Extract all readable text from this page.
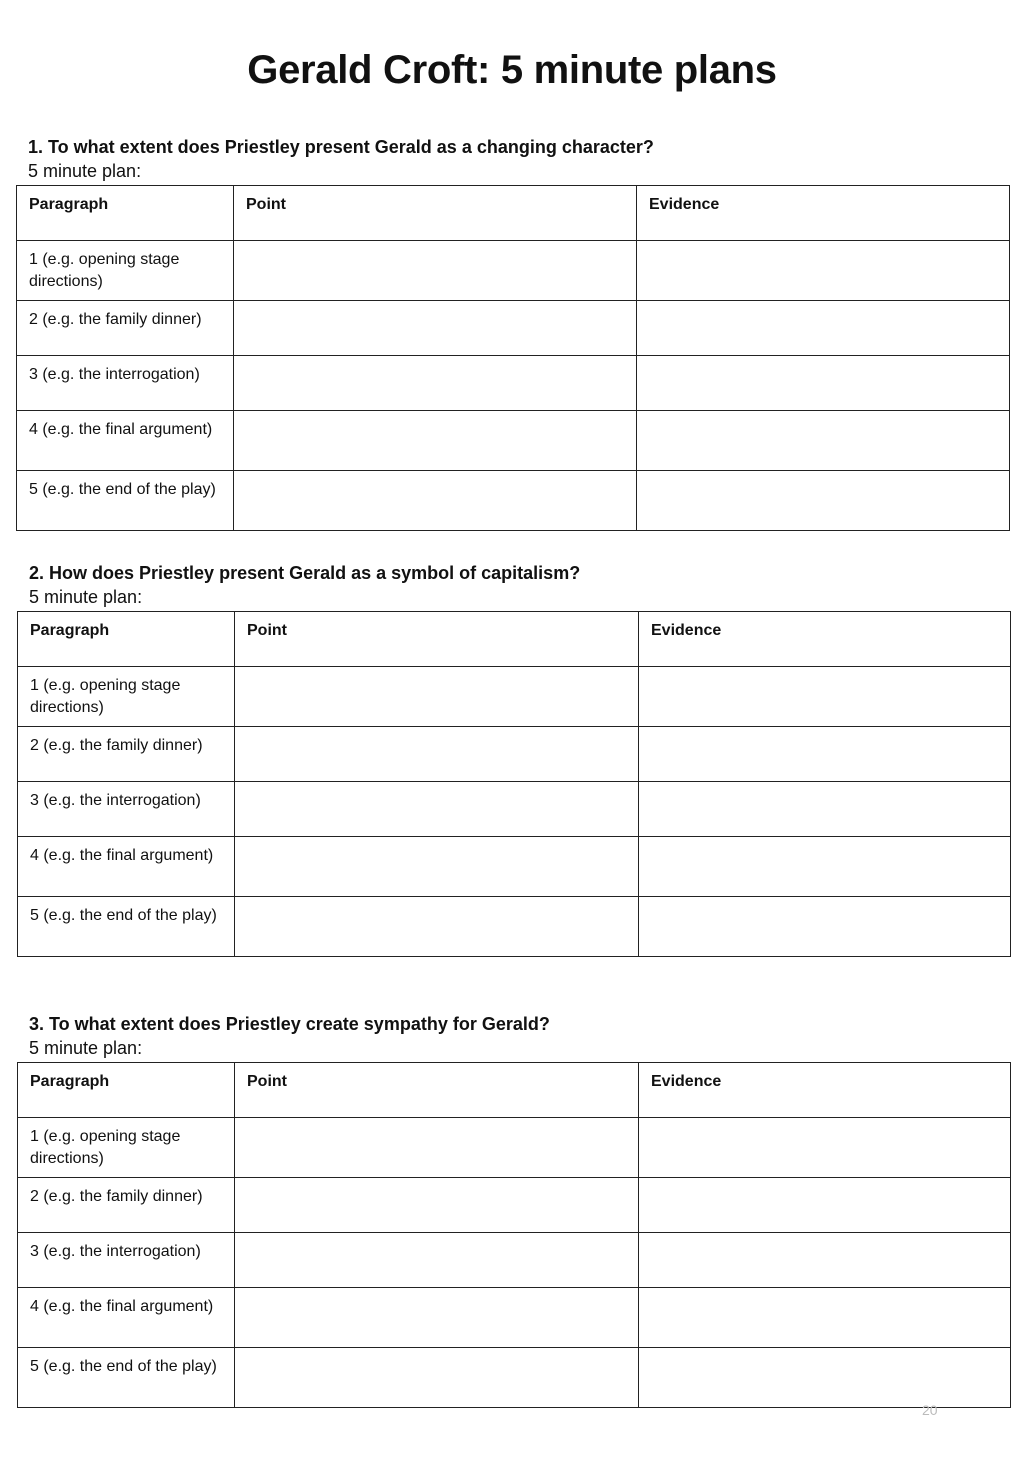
Gerald Croft: 5 minute plans
1. To what extent does Priestley present Gerald as a changing character?
5 minute plan:
Paragraph	Point	Evidence
1 (e.g. opening stage directions)		
2 (e.g. the family dinner)		
3 (e.g. the interrogation)		
4 (e.g. the final argument)		
5 (e.g. the end of the play)		
2. How does Priestley present Gerald as a symbol of capitalism?
5 minute plan:
Paragraph	Point	Evidence
1 (e.g. opening stage directions)		
2 (e.g. the family dinner)		
3 (e.g. the interrogation)		
4 (e.g. the final argument)		
5 (e.g. the end of the play)		
3. To what extent does Priestley create sympathy for Gerald?
5 minute plan:
Paragraph	Point	Evidence
1 (e.g. opening stage directions)		
2 (e.g. the family dinner)		
3 (e.g. the interrogation)		
4 (e.g. the final argument)		
5 (e.g. the end of the play)		
20
